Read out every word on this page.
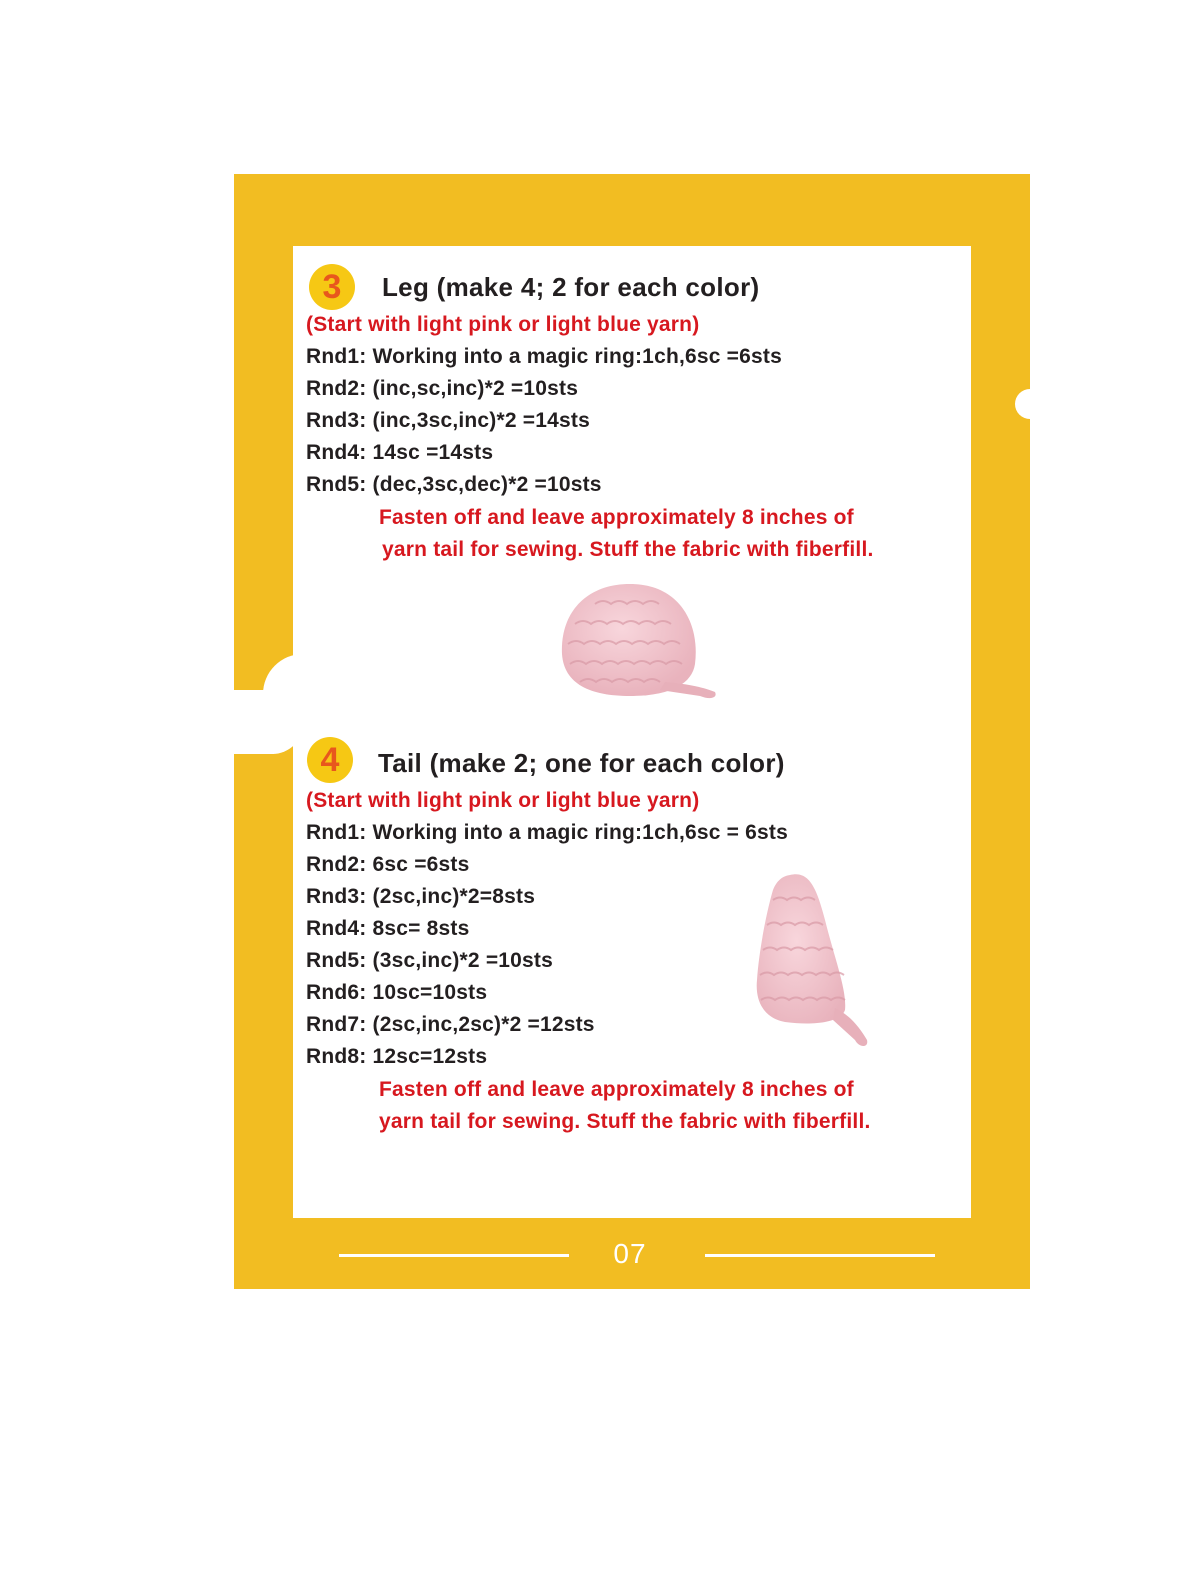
3	Leg (make 4; 2 for each color)
(Start with light pink or light blue yarn)
Rnd1: Working into a magic ring:1ch,6sc =6sts
Rnd2: (inc,sc,inc)*2 =10sts
Rnd3: (inc,3sc,inc)*2 =14sts
Rnd4: 14sc =14sts
Rnd5: (dec,3sc,dec)*2 =10sts
Fasten off and leave approximately 8 inches of
yarn tail for sewing. Stuff the fabric with fiberfill.
4	Tail (make 2; one for each color)
(Start with light pink or light blue yarn)
Rnd1: Working into a magic ring:1ch,6sc = 6sts
Rnd2: 6sc =6sts
Rnd3: (2sc,inc)*2=8sts
Rnd4: 8sc= 8sts
Rnd5: (3sc,inc)*2 =10sts
Rnd6: 10sc=10sts
Rnd7: (2sc,inc,2sc)*2 =12sts
Rnd8: 12sc=12sts
Fasten off and leave approximately 8 inches of
yarn tail for sewing. Stuff the fabric with fiberfill.
07
